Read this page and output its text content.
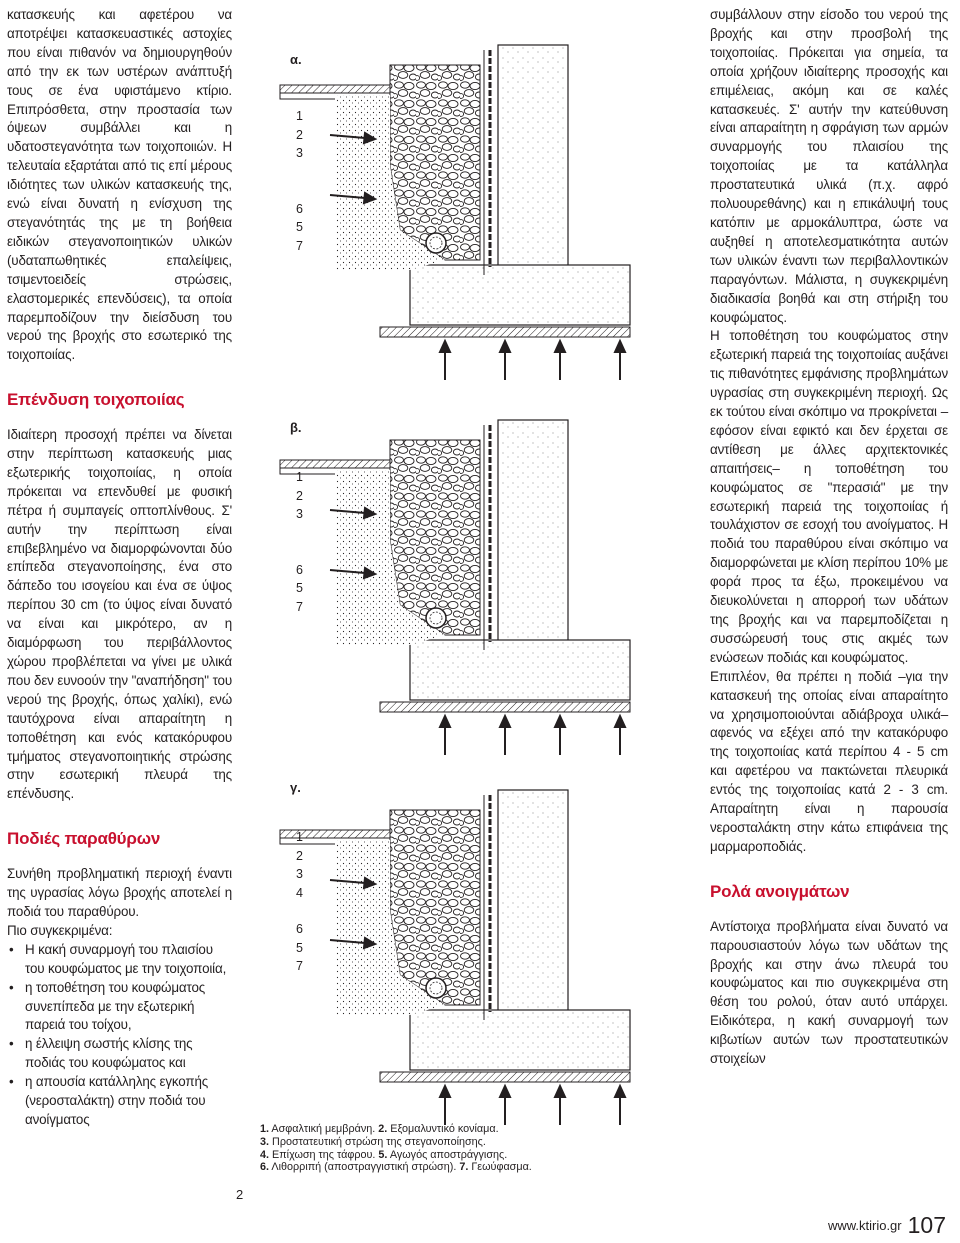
κατασκευής και αφετέρου να αποτρέψει κατασκευαστικές αστοχίες που είναι πιθανόν να δημιουργηθούν από την εκ των υστέρων ανάπτυξή τους σε ένα υφιστάμενο κτίριο. Επιπρόσθετα, στην προστασία των όψεων συμβάλλει και η υδατοστεγανότητα των τοιχοποιιών. Η τελευταία εξαρτάται από τις επί μέρους ιδιότητες των υλικών κατασκευής της, ενώ είναι δυνατή η ενίσχυση της στεγανότητάς της με τη βοήθεια ειδικών στεγανοποιητικών υλικών (υδαταπωθητικές επαλείψεις, τσιμεντοειδείς στρώσεις, ελαστομερικές επενδύσεις), τα οποία παρεμποδίζουν την διείσδυση του νερού της βροχής στο εσωτερικό της τοιχοποιίας.

Επένδυση τοιχοποιίας

Ιδιαίτερη προσοχή πρέπει να δίνεται στην περίπτωση κατασκευής μιας εξωτερικής τοιχοποιίας, η οποία πρόκειται να επενδυθεί με φυσική πέτρα ή συμπαγείς οπτοπλίνθους. Σ' αυτήν την περίπτωση είναι επιβεβλημένο να διαμορφώνονται δύο επίπεδα στεγανοποίησης, ένα στο δάπεδο του ισογείου και ένα σε ύψος περίπου 30 cm (το ύψος είναι δυνατό να είναι και μικρότερο, αν η διαμόρφωση του περιβάλλοντος χώρου προβλέπεται να γίνει με υλικά που δεν ευνοούν την "αναπήδηση" του νερού της βροχής, όπως χαλίκι), ενώ ταυτόχρονα είναι απαραίτητη η τοποθέτηση και ενός κατακόρυφου τμήματος στεγανοποιητικής στρώσης στην εσωτερική πλευρά της επένδυσης.

Ποδιές παραθύρων

Συνήθη προβληματική περιοχή έναντι της υγρασίας λόγω βροχής αποτελεί η ποδιά του παραθύρου.

Πιο συγκεκριμένα:

• Η κακή συναρμογή του πλαισίου του κουφώματος με την τοιχοποιία,
• η τοποθέτηση του κουφώματος συνεπίπεδα με την εξωτερική παρειά του τοίχου,
• η έλλειψη σωστής κλίσης της ποδιάς του κουφώματος και
• η απουσία κατάλληλης εγκοπής (νεροσταλάκτη) στην ποδιά του ανοίγματος
α.
1
2
3
6
5
7
β.
1
2
3
6
5
7
γ.
1
2
3
4
6
5
7
1. Ασφαλτική μεμβράνη. 2. Εξομαλυντικό κονίαμα.
3. Προστατευτική στρώση της στεγανοποίησης.
4. Επίχωση της τάφρου. 5. Αγωγός αποστράγγισης.
6. Λιθορριπή (αποστραγγιστική στρώση). 7. Γεωύφασμα.
2

συμβάλλουν στην είσοδο του νερού της βροχής και στην προσβολή της τοιχοποιίας. Πρόκειται για σημεία, τα οποία χρήζουν ιδιαίτερης προσοχής και επιμέλειας, ακόμη και σε καλές κατασκευές. Σ' αυτήν την κατεύθυνση είναι απαραίτητη η σφράγιση των αρμών συναρμογής του πλαισίου της τοιχοποιίας με τα κατάλληλα προστατευτικά υλικά (π.χ. αφρό πολυουρεθάνης) και η επικάλυψή τους κατόπιν με αρμοκάλυπτρα, ώστε να αυξηθεί η αποτελεσματικότητα αυτών των υλικών έναντι των περιβαλλοντικών παραγόντων. Μάλιστα, η συγκεκριμένη διαδικασία βοηθά και στη στήριξη του κουφώματος.

Η τοποθέτηση του κουφώματος στην εξωτερική παρειά της τοιχοποιίας αυξάνει τις πιθανότητες εμφάνισης προβλημάτων υγρασίας στη συγκεκριμένη περιοχή. Ως εκ τούτου είναι σκόπιμο να προκρίνεται –εφόσον είναι εφικτό και δεν έρχεται σε αντίθεση με άλλες αρχιτεκτονικές απαιτήσεις– η τοποθέτηση του κουφώματος σε "περασιά" με την εσωτερική παρειά της τοιχοποιίας ή τουλάχιστον σε εσοχή του ανοίγματος. Η ποδιά του παραθύρου είναι σκόπιμο να διαμορφώνεται με κλίση περίπου 10% με φορά προς τα έξω, προκειμένου να διευκολύνεται η απορροή των υδάτων της βροχής και να παρεμποδίζεται η συσσώρευσή τους στις ακμές των ενώσεων ποδιάς και κουφώματος.

Επιπλέον, θα πρέπει η ποδιά –για την κατασκευή της οποίας είναι απαραίτητο να χρησιμοποιούνται αδιάβροχα υλικά– αφενός να εξέχει από την κατακόρυφο της τοιχοποιίας κατά περίπου 4 - 5 cm και αφετέρου να πακτώνεται πλευρικά εντός της τοιχοποιίας κατά 2 - 3 cm. Απαραίτητη είναι η παρουσία νεροσταλάκτη στην κάτω επιφάνεια της μαρμαροποδιάς.

Ρολά ανοιγμάτων

Αντίστοιχα προβλήματα είναι δυνατό να παρουσιαστούν λόγω των υδάτων της βροχής και στην άνω πλευρά του κουφώματος και πιο συγκεκριμένα στη θέση του ρολού, όταν αυτό υπάρχει. Ειδικότερα, η κακή συναρμογή των κιβωτίων αυτών των προστατευτικών στοιχείων

www.ktirio.gr 107
